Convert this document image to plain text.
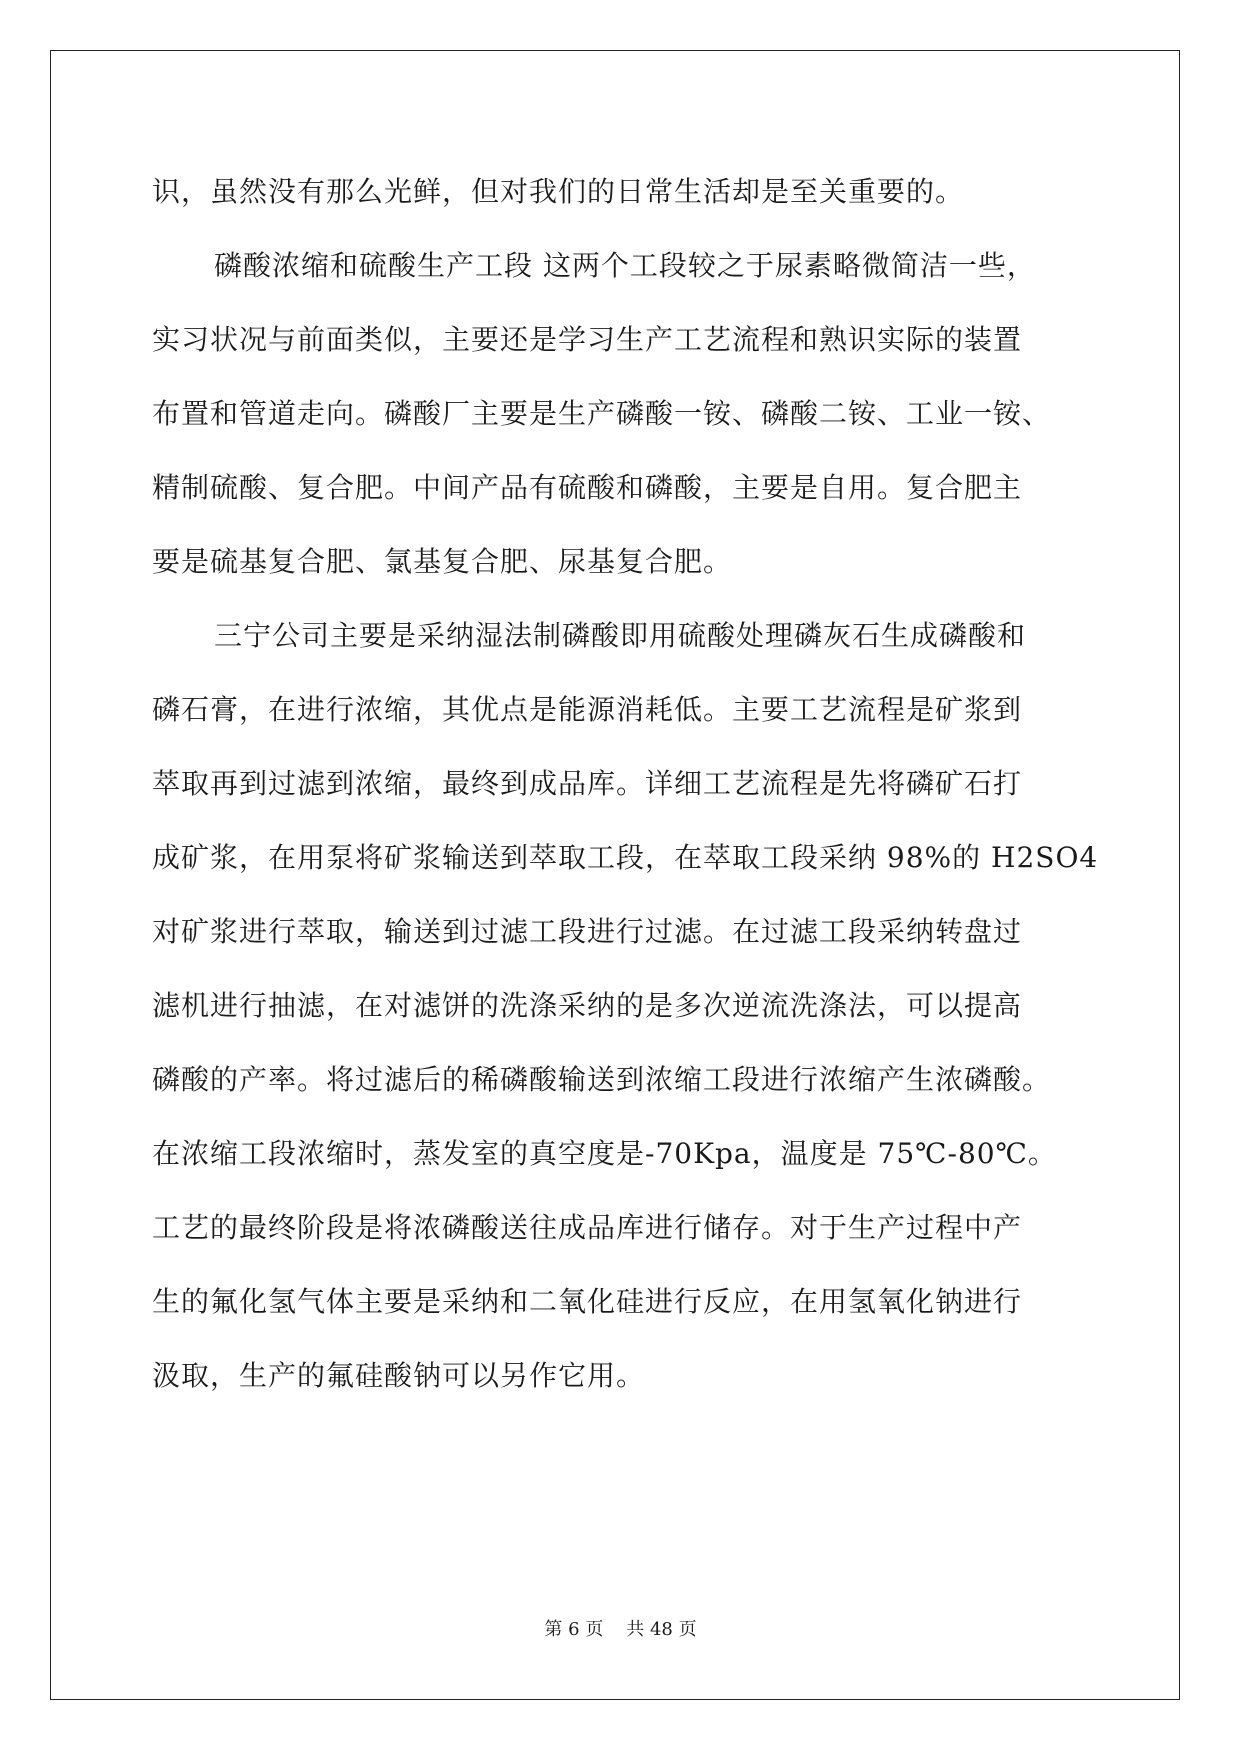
识，虽然没有那么光鲜，但对我们的日常生活却是至关重要的。
磷酸浓缩和硫酸生产工段 这两个工段较之于尿素略微简洁一些，
实习状况与前面类似，主要还是学习生产工艺流程和熟识实际的装置
布置和管道走向。磷酸厂主要是生产磷酸一铵、磷酸二铵、工业一铵、
精制硫酸、复合肥。中间产品有硫酸和磷酸，主要是自用。复合肥主
要是硫基复合肥、氯基复合肥、尿基复合肥。
三宁公司主要是采纳湿法制磷酸即用硫酸处理磷灰石生成磷酸和
磷石膏，在进行浓缩，其优点是能源消耗低。主要工艺流程是矿浆到
萃取再到过滤到浓缩，最终到成品库。详细工艺流程是先将磷矿石打
成矿浆，在用泵将矿浆输送到萃取工段，在萃取工段采纳 98%的 H2SO4
对矿浆进行萃取，输送到过滤工段进行过滤。在过滤工段采纳转盘过
滤机进行抽滤，在对滤饼的洗涤采纳的是多次逆流洗涤法，可以提高
磷酸的产率。将过滤后的稀磷酸输送到浓缩工段进行浓缩产生浓磷酸。
在浓缩工段浓缩时，蒸发室的真空度是-70Kpa，温度是 75℃-80℃。
工艺的最终阶段是将浓磷酸送往成品库进行储存。对于生产过程中产
生的氟化氢气体主要是采纳和二氧化硅进行反应，在用氢氧化钠进行
汲取，生产的氟硅酸钠可以另作它用。
第 6 页 共 48 页
